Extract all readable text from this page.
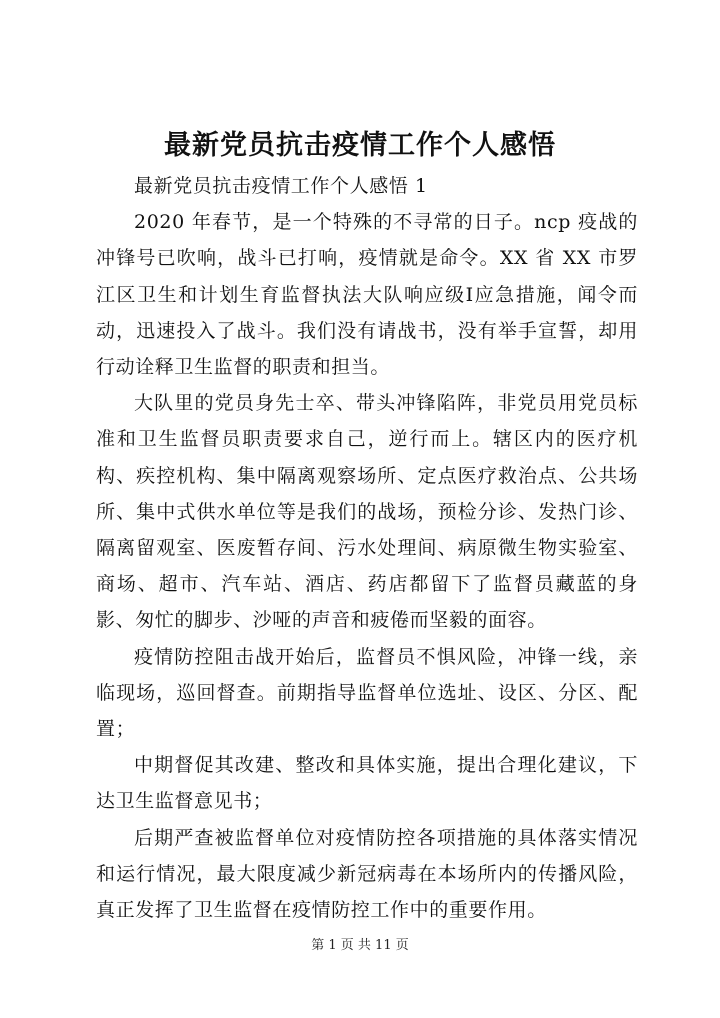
最新党员抗击疫情工作个人感悟

最新党员抗击疫情工作个人感悟 1

2020 年春节，是一个特殊的不寻常的日子。ncp 疫战的冲锋号已吹响，战斗已打响，疫情就是命令。XX 省 XX 市罗江区卫生和计划生育监督执法大队响应级Ⅰ应急措施，闻令而动，迅速投入了战斗。我们没有请战书，没有举手宣誓，却用行动诠释卫生监督的职责和担当。

大队里的党员身先士卒、带头冲锋陷阵，非党员用党员标准和卫生监督员职责要求自己，逆行而上。辖区内的医疗机构、疾控机构、集中隔离观察场所、定点医疗救治点、公共场所、集中式供水单位等是我们的战场，预检分诊、发热门诊、隔离留观室、医废暂存间、污水处理间、病原微生物实验室、商场、超市、汽车站、酒店、药店都留下了监督员藏蓝的身影、匆忙的脚步、沙哑的声音和疲倦而坚毅的面容。

疫情防控阻击战开始后，监督员不惧风险，冲锋一线，亲临现场，巡回督查。前期指导监督单位选址、设区、分区、配置；

中期督促其改建、整改和具体实施，提出合理化建议，下达卫生监督意见书；

后期严查被监督单位对疫情防控各项措施的具体落实情况和运行情况，最大限度减少新冠病毒在本场所内的传播风险，真正发挥了卫生监督在疫情防控工作中的重要作用。

第 1 页 共 11 页
